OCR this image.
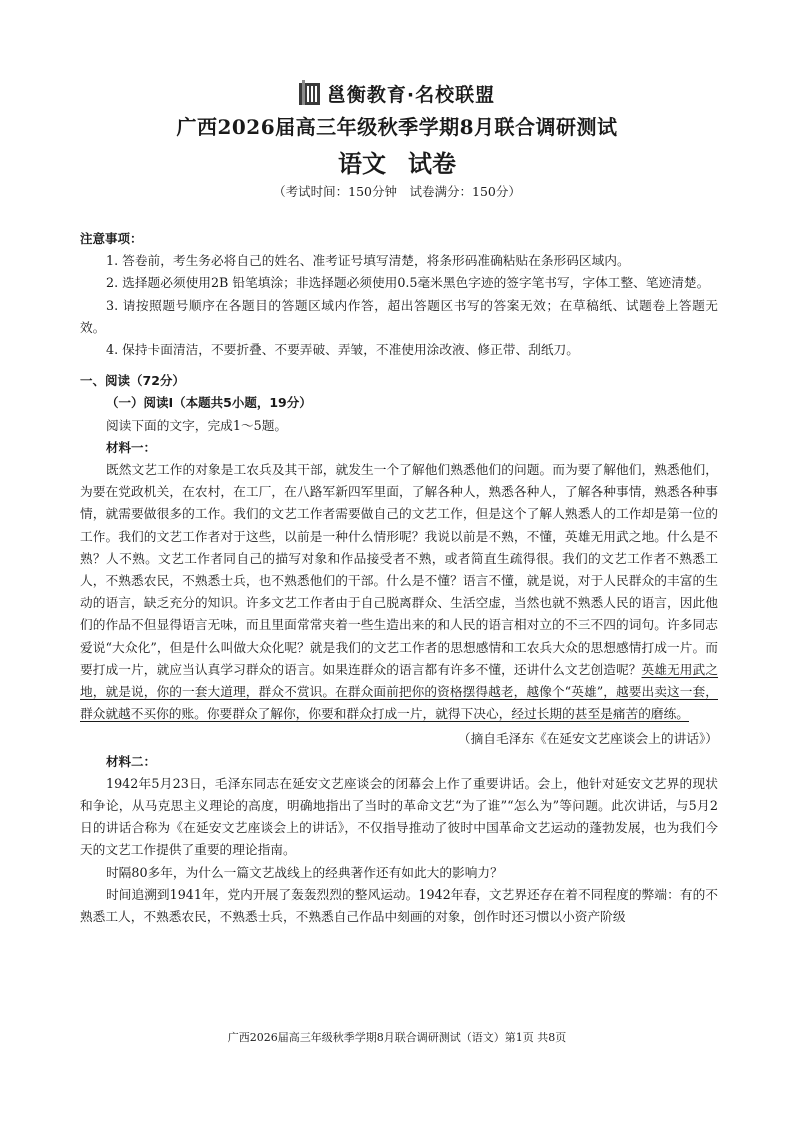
邕衡教育·名校联盟
广西2026届高三年级秋季学期8月联合调研测试
语文 试卷
（考试时间：150分钟　试卷满分：150分）

注意事项：

1. 答卷前，考生务必将自己的姓名、准考证号填写清楚，将条形码准确粘贴在条形码区域内。

2. 选择题必须使用2B 铅笔填涂；非选择题必须使用0.5毫米黑色字迹的签字笔书写，字体工整、笔迹清楚。

3. 请按照题号顺序在各题目的答题区域内作答，超出答题区书写的答案无效；在草稿纸、试题卷上答题无效。

4. 保持卡面清洁，不要折叠、不要弄破、弄皱，不准使用涂改液、修正带、刮纸刀。

一、阅读（72分）

（一）阅读Ⅰ（本题共5小题，19分）

阅读下面的文字，完成1～5题。

材料一：

既然文艺工作的对象是工农兵及其干部，就发生一个了解他们熟悉他们的问题。而为要了解他们，熟悉他们，为要在党政机关，在农村，在工厂，在八路军新四军里面，了解各种人，熟悉各种人，了解各种事情，熟悉各种事情，就需要做很多的工作。我们的文艺工作者需要做自己的文艺工作，但是这个了解人熟悉人的工作却是第一位的工作。我们的文艺工作者对于这些，以前是一种什么情形呢？我说以前是不熟，不懂，英雄无用武之地。什么是不熟？人不熟。文艺工作者同自己的描写对象和作品接受者不熟，或者简直生疏得很。我们的文艺工作者不熟悉工人，不熟悉农民，不熟悉士兵，也不熟悉他们的干部。什么是不懂？语言不懂，就是说，对于人民群众的丰富的生动的语言，缺乏充分的知识。许多文艺工作者由于自己脱离群众、生活空虚，当然也就不熟悉人民的语言，因此他们的作品不但显得语言无味，而且里面常常夹着一些生造出来的和人民的语言相对立的不三不四的词句。许多同志爱说“大众化”，但是什么叫做大众化呢？就是我们的文艺工作者的思想感情和工农兵大众的思想感情打成一片。而要打成一片，就应当认真学习群众的语言。如果连群众的语言都有许多不懂，还讲什么文艺创造呢？英雄无用武之地，就是说，你的一套大道理，群众不赏识。在群众面前把你的资格摆得越老，越像个“英雄”，越要出卖这一套，群众就越不买你的账。你要群众了解你，你要和群众打成一片，就得下决心，经过长期的甚至是痛苦的磨练。

（摘自毛泽东《在延安文艺座谈会上的讲话》）

材料二：

1942年5月23日，毛泽东同志在延安文艺座谈会的闭幕会上作了重要讲话。会上，他针对延安文艺界的现状和争论，从马克思主义理论的高度，明确地指出了当时的革命文艺“为了谁”“怎么为”等问题。此次讲话，与5月2日的讲话合称为《在延安文艺座谈会上的讲话》，不仅指导推动了彼时中国革命文艺运动的蓬勃发展，也为我们今天的文艺工作提供了重要的理论指南。

时隔80多年，为什么一篇文艺战线上的经典著作还有如此大的影响力？

时间追溯到1941年，党内开展了轰轰烈烈的整风运动。1942年春，文艺界还存在着不同程度的弊端：有的不熟悉工人，不熟悉农民，不熟悉士兵，不熟悉自己作品中刻画的对象，创作时还习惯以小资产阶级

广西2026届高三年级秋季学期8月联合调研测试（语文）第1页 共8页
